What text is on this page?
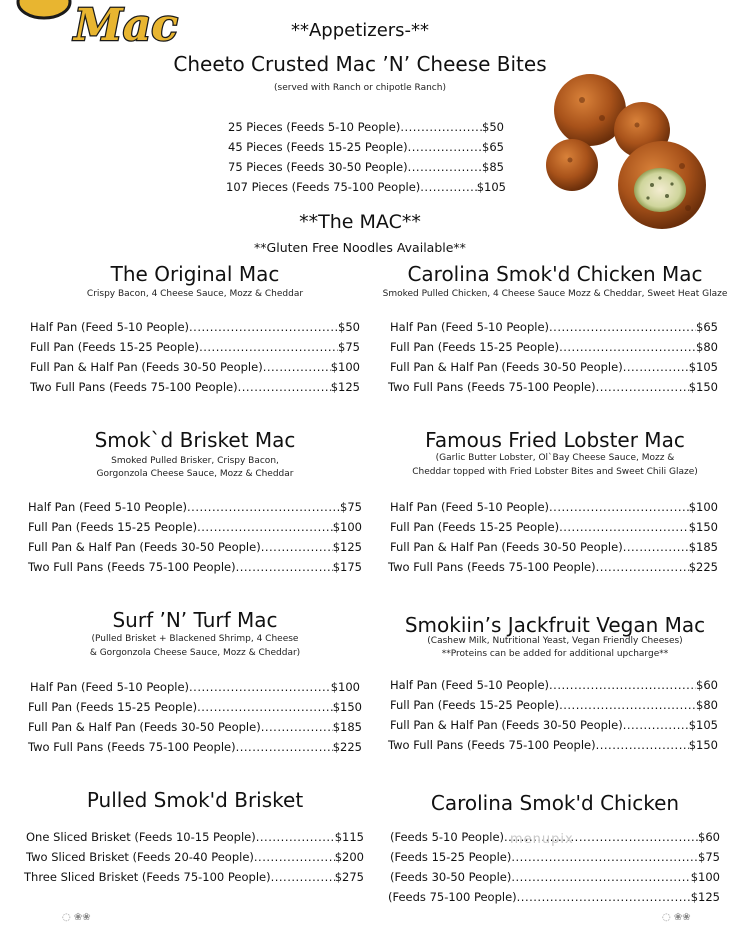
Mac	**Appetizers-**
Cheeto Crusted Mac ’N’ Cheese Bites
(served with Ranch or chipotle Ranch)
25 Pieces (Feeds 5-10 People) .....	$50
45 Pieces (Feeds 15-25 People) .....	$65
75 Pieces (Feeds 30-50 People) .....	$85
107 Pieces (Feeds 75-100 People) .....	$105
**The MAC**
**Gluten Free Noodles Available**
The Original Mac
Crispy Bacon, 4 Cheese Sauce, Mozz & Cheddar
Half Pan (Feed 5-10 People) .....	$50
Full Pan (Feeds 15-25 People) .....	$75
Full Pan & Half Pan (Feeds 30-50 People) .....	$100
Two Full Pans (Feeds 75-100 People) .....	$125
Carolina Smok'd Chicken Mac
Smoked Pulled Chicken, 4 Cheese Sauce Mozz & Cheddar, Sweet Heat Glaze
Half Pan (Feed 5-10 People) .....	$65
Full Pan (Feeds 15-25 People) .....	$80
Full Pan & Half Pan (Feeds 30-50 People) .....	$105
Two Full Pans (Feeds 75-100 People) .....	$150
Smok`d Brisket Mac
Smoked Pulled Brisker, Crispy Bacon,
Gorgonzola Cheese Sauce, Mozz & Cheddar
Half Pan (Feed 5-10 People) .....	$75
Full Pan (Feeds 15-25 People) .....	$100
Full Pan & Half Pan (Feeds 30-50 People) .....	$125
Two Full Pans (Feeds 75-100 People) .....	$175
Famous Fried Lobster Mac
(Garlic Butter Lobster, Ol`Bay Cheese Sauce, Mozz &
Cheddar topped with Fried Lobster Bites and Sweet Chili Glaze)
Half Pan (Feed 5-10 People) .....	$100
Full Pan (Feeds 15-25 People) .....	$150
Full Pan & Half Pan (Feeds 30-50 People) .....	$185
Two Full Pans (Feeds 75-100 People) .....	$225
Surf ’N’ Turf Mac
(Pulled Brisket + Blackened Shrimp, 4 Cheese
& Gorgonzola Cheese Sauce, Mozz & Cheddar)
Half Pan (Feed 5-10 People) .....	$100
Full Pan (Feeds 15-25 People) .....	$150
Full Pan & Half Pan (Feeds 30-50 People) .....	$185
Two Full Pans (Feeds 75-100 People) .....	$225
Smokiin’s Jackfruit Vegan Mac
(Cashew Milk, Nutritional Yeast, Vegan Friendly Cheeses)
**Proteins can be added for additional upcharge**
Half Pan (Feed 5-10 People) .....	$60
Full Pan (Feeds 15-25 People) .....	$80
Full Pan & Half Pan (Feeds 30-50 People) .....	$105
Two Full Pans (Feeds 75-100 People) .....	$150
Pulled Smok'd Brisket
One Sliced Brisket (Feeds 10-15 People) .....	$115
Two Sliced Brisket (Feeds 20-40 People) .....	$200
Three Sliced Brisket (Feeds 75-100 People) .....	$275
Carolina Smok'd Chicken
(Feeds 5-10 People) .....	$60
(Feeds 15-25 People) .....	$75
(Feeds 30-50 People) .....	$100
(Feeds 75-100 People) .....	$125
menupix
◌ ❀❀	◌ ❀❀
